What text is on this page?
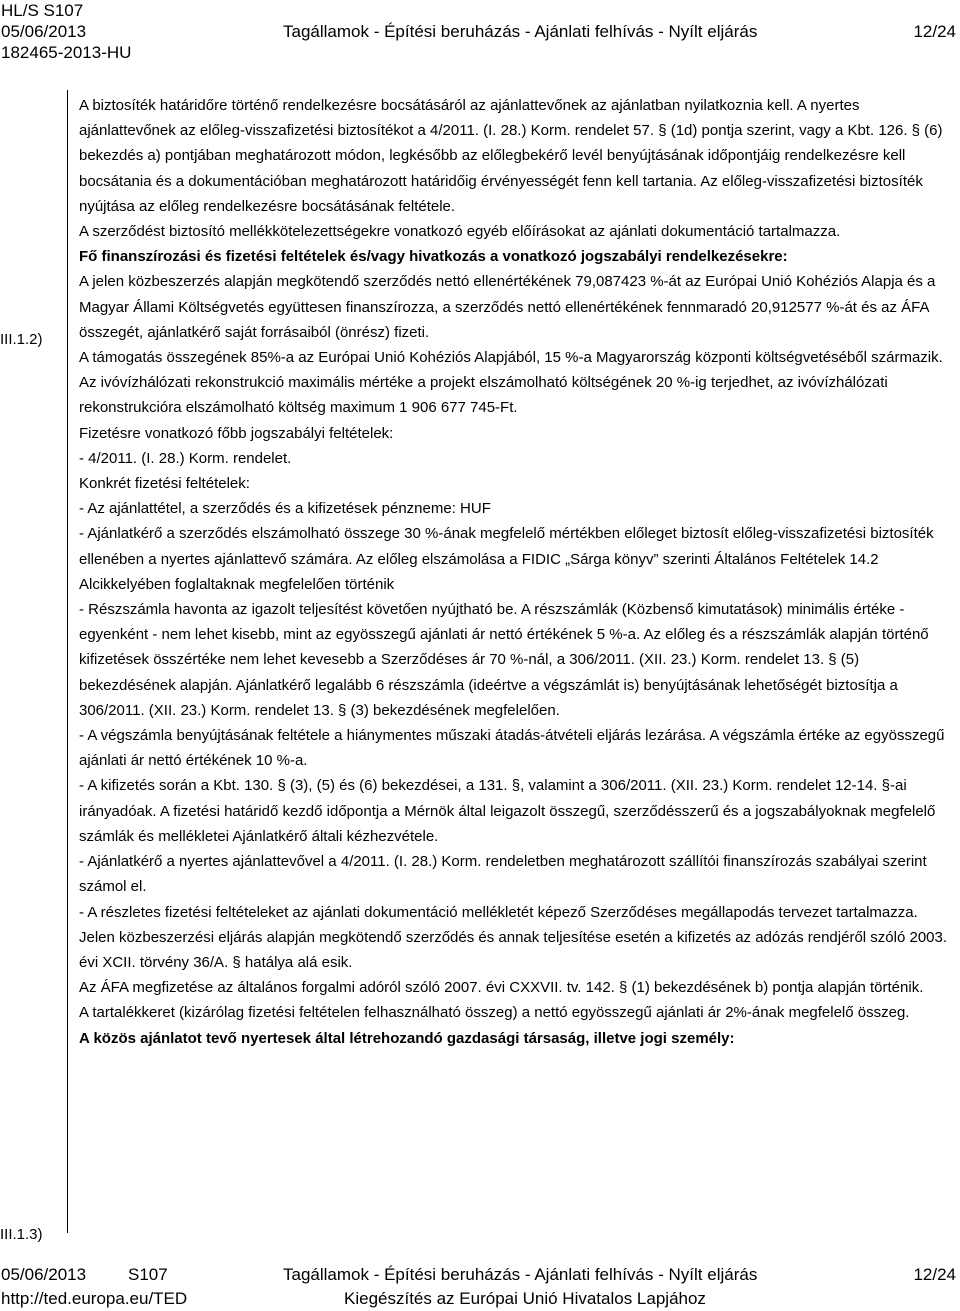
HL/S S107
05/06/2013	Tagállamok - Építési beruházás - Ajánlati felhívás - Nyílt eljárás	12/24
182465-2013-HU
III.1.2)
III.1.3)

A biztosíték határidőre történő rendelkezésre bocsátásáról az ajánlattevőnek az ajánlatban nyilatkoznia kell. A nyertes ajánlattevőnek az előleg-visszafizetési biztosítékot a 4/2011. (I. 28.) Korm. rendelet 57. § (1d) pontja szerint, vagy a Kbt. 126. § (6) bekezdés a) pontjában meghatározott módon, legkésőbb az előlegbekérő levél benyújtásának időpontjáig rendelkezésre kell bocsátania és a dokumentációban meghatározott határidőig érvényességét fenn kell tartania. Az előleg-visszafizetési biztosíték nyújtása az előleg rendelkezésre bocsátásának feltétele.

A szerződést biztosító mellékkötelezettségekre vonatkozó egyéb előírásokat az ajánlati dokumentáció tartalmazza.

Fő finanszírozási és fizetési feltételek és/vagy hivatkozás a vonatkozó jogszabályi rendelkezésekre:

A jelen közbeszerzés alapján megkötendő szerződés nettó ellenértékének 79,087423 %-át az Európai Unió Kohéziós Alapja és a Magyar Állami Költségvetés együttesen finanszírozza, a szerződés nettó ellenértékének fennmaradó 20,912577 %-át és az ÁFA összegét, ajánlatkérő saját forrásaiból (önrész) fizeti.

A támogatás összegének 85%-a az Európai Unió Kohéziós Alapjából, 15 %-a Magyarország központi költségvetéséből származik.

Az ivóvízhálózati rekonstrukció maximális mértéke a projekt elszámolható költségének 20 %-ig terjedhet, az ivóvízhálózati rekonstrukcióra elszámolható költség maximum 1 906 677 745-Ft.

Fizetésre vonatkozó főbb jogszabályi feltételek:

- 4/2011. (I. 28.) Korm. rendelet.

Konkrét fizetési feltételek:

- Az ajánlattétel, a szerződés és a kifizetések pénzneme: HUF

- Ajánlatkérő a szerződés elszámolható összege 30 %-ának megfelelő mértékben előleget biztosít előleg-visszafizetési biztosíték ellenében a nyertes ajánlattevő számára. Az előleg elszámolása a FIDIC „Sárga könyv” szerinti Általános Feltételek 14.2 Alcikkelyében foglaltaknak megfelelően történik

- Részszámla havonta az igazolt teljesítést követően nyújtható be. A részszámlák (Közbenső kimutatások) minimális értéke - egyenként - nem lehet kisebb, mint az egyösszegű ajánlati ár nettó értékének 5 %-a. Az előleg és a részszámlák alapján történő kifizetések összértéke nem lehet kevesebb a Szerződéses ár 70 %-nál, a 306/2011. (XII. 23.) Korm. rendelet 13. § (5) bekezdésének alapján. Ajánlatkérő legalább 6 részszámla (ideértve a végszámlát is) benyújtásának lehetőségét biztosítja a 306/2011. (XII. 23.) Korm. rendelet 13. § (3) bekezdésének megfelelően.

- A végszámla benyújtásának feltétele a hiánymentes műszaki átadás-átvételi eljárás lezárása. A végszámla értéke az egyösszegű ajánlati ár nettó értékének 10 %-a.

- A kifizetés során a Kbt. 130. § (3), (5) és (6) bekezdései, a 131. §, valamint a 306/2011. (XII. 23.) Korm. rendelet 12-14. §-ai irányadóak. A fizetési határidő kezdő időpontja a Mérnök által leigazolt összegű, szerződésszerű és a jogszabályoknak megfelelő számlák és mellékletei Ajánlatkérő általi kézhezvétele.

- Ajánlatkérő a nyertes ajánlattevővel a 4/2011. (I. 28.) Korm. rendeletben meghatározott szállítói finanszírozás szabályai szerint számol el.

- A részletes fizetési feltételeket az ajánlati dokumentáció mellékletét képező Szerződéses megállapodás tervezet tartalmazza.

Jelen közbeszerzési eljárás alapján megkötendő szerződés és annak teljesítése esetén a kifizetés az adózás rendjéről szóló 2003. évi XCII. törvény 36/A. § hatálya alá esik.

Az ÁFA megfizetése az általános forgalmi adóról szóló 2007. évi CXXVII. tv. 142. § (1) bekezdésének b) pontja alapján történik.

A tartalékkeret (kizárólag fizetési feltételen felhasználható összeg) a nettó egyösszegű ajánlati ár 2%-ának megfelelő összeg.

A közös ajánlatot tevő nyertesek által létrehozandó gazdasági társaság, illetve jogi személy:

05/06/2013 S107	Tagállamok - Építési beruházás - Ajánlati felhívás - Nyílt eljárás	12/24
http://ted.europa.eu/TED	Kiegészítés az Európai Unió Hivatalos Lapjához
